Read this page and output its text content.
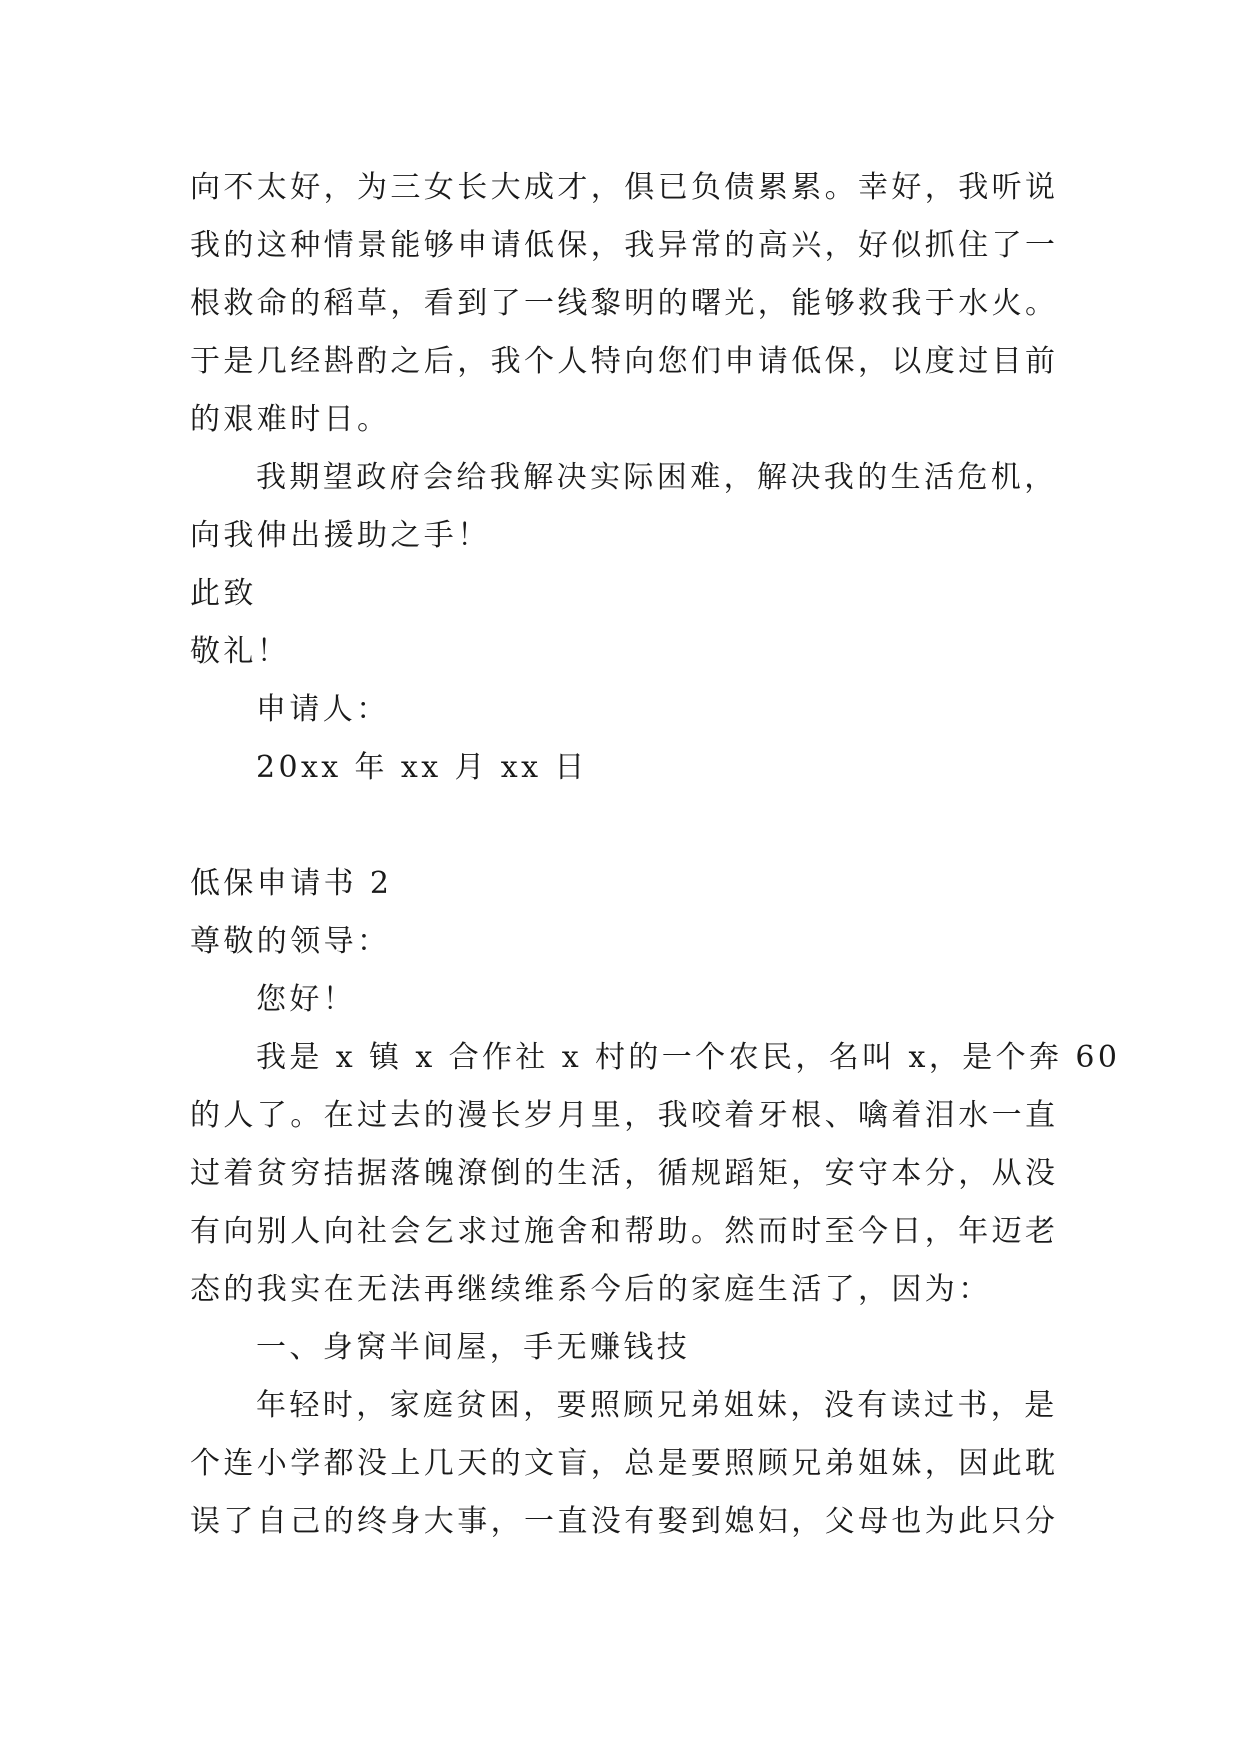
向不太好，为三女长大成才，俱已负债累累。幸好，我听说
我的这种情景能够申请低保，我异常的高兴，好似抓住了一
根救命的稻草，看到了一线黎明的曙光，能够救我于水火。
于是几经斟酌之后，我个人特向您们申请低保，以度过目前
的艰难时日。
我期望政府会给我解决实际困难，解决我的生活危机，
向我伸出援助之手！
此致
敬礼！
申请人：
20xx 年 xx 月 xx 日
低保申请书 2
尊敬的领导：
您好！
我是 x 镇 x 合作社 x 村的一个农民，名叫 x，是个奔 60
的人了。在过去的漫长岁月里，我咬着牙根、噙着泪水一直
过着贫穷拮据落魄潦倒的生活，循规蹈矩，安守本分，从没
有向别人向社会乞求过施舍和帮助。然而时至今日，年迈老
态的我实在无法再继续维系今后的家庭生活了，因为：
一、身窝半间屋，手无赚钱技
年轻时，家庭贫困，要照顾兄弟姐妹，没有读过书，是
个连小学都没上几天的文盲，总是要照顾兄弟姐妹，因此耽
误了自己的终身大事，一直没有娶到媳妇，父母也为此只分
